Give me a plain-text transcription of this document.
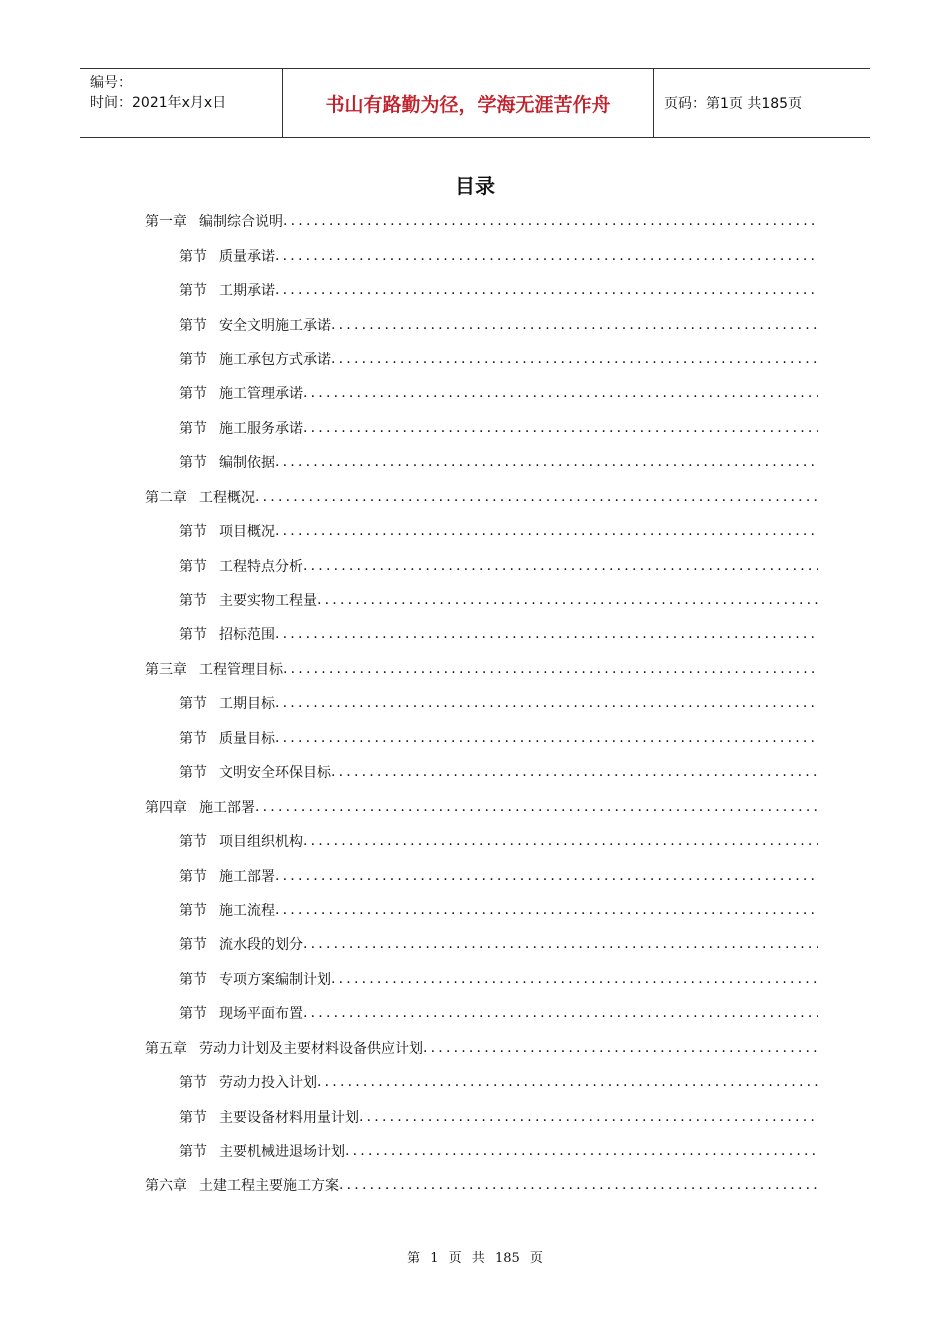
编号：
时间：2021年x月x日	书山有路勤为径，学海无涯苦作舟	页码：第1页 共185页
目录
第一章 编制综合说明
.....
第节 质量承诺
.....
第节 工期承诺
.....
第节 安全文明施工承诺
.....
第节 施工承包方式承诺
.....
第节 施工管理承诺
.....
第节 施工服务承诺
.....
第节 编制依据
.....
第二章 工程概况
.....
第节 项目概况
.....
第节 工程特点分析
.....
第节 主要实物工程量
.....
第节 招标范围
.....
第三章 工程管理目标
.....
第节 工期目标
.....
第节 质量目标
.....
第节 文明安全环保目标
.....
第四章 施工部署
.....
第节 项目组织机构
.....
第节 施工部署
.....
第节 施工流程
.....
第节 流水段的划分
.....
第节 专项方案编制计划
.....
第节 现场平面布置
.....
第五章 劳动力计划及主要材料设备供应计划
.....
第节 劳动力投入计划
.....
第节 主要设备材料用量计划
.....
第节 主要机械进退场计划
.....
第六章 土建工程主要施工方案
.....
第 1 页 共 185 页
